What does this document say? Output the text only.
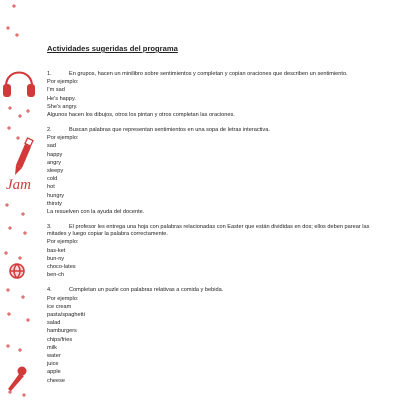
Jam
Actividades sugeridas del programa
1.	En grupos, hacen un minilibro sobre sentimientos y completan y copian oraciones que describen un sentimiento.
Por ejemplo:
I'm sad
He's happy.
She's angry.
Algunos hacen los dibujos, otros los pintan y otros completan las oraciones.
2.	Buscan palabras que representan sentimientos en una sopa de letras interactiva.
Por ejemplo:
sad
happy
angry
sleepy
cold
hot
hungry
thirsty
La resuelven con la ayuda del docente.
3.	El profesor les entrega una hoja con palabras relacionadas con Easter que están divididas en dos; ellos deben parear las mitades y luego copiar la palabra correctamente.
Por ejemplo:
bas-ket
bun-ny
choco-lates
ben-ch
4.	Completan un puzle con palabras relativas a comida y bebida.
Por ejemplo:
ice cream
pasta/spaghetti
salad
hamburgers
chips/fries
milk
water
juice
apple
cheese
